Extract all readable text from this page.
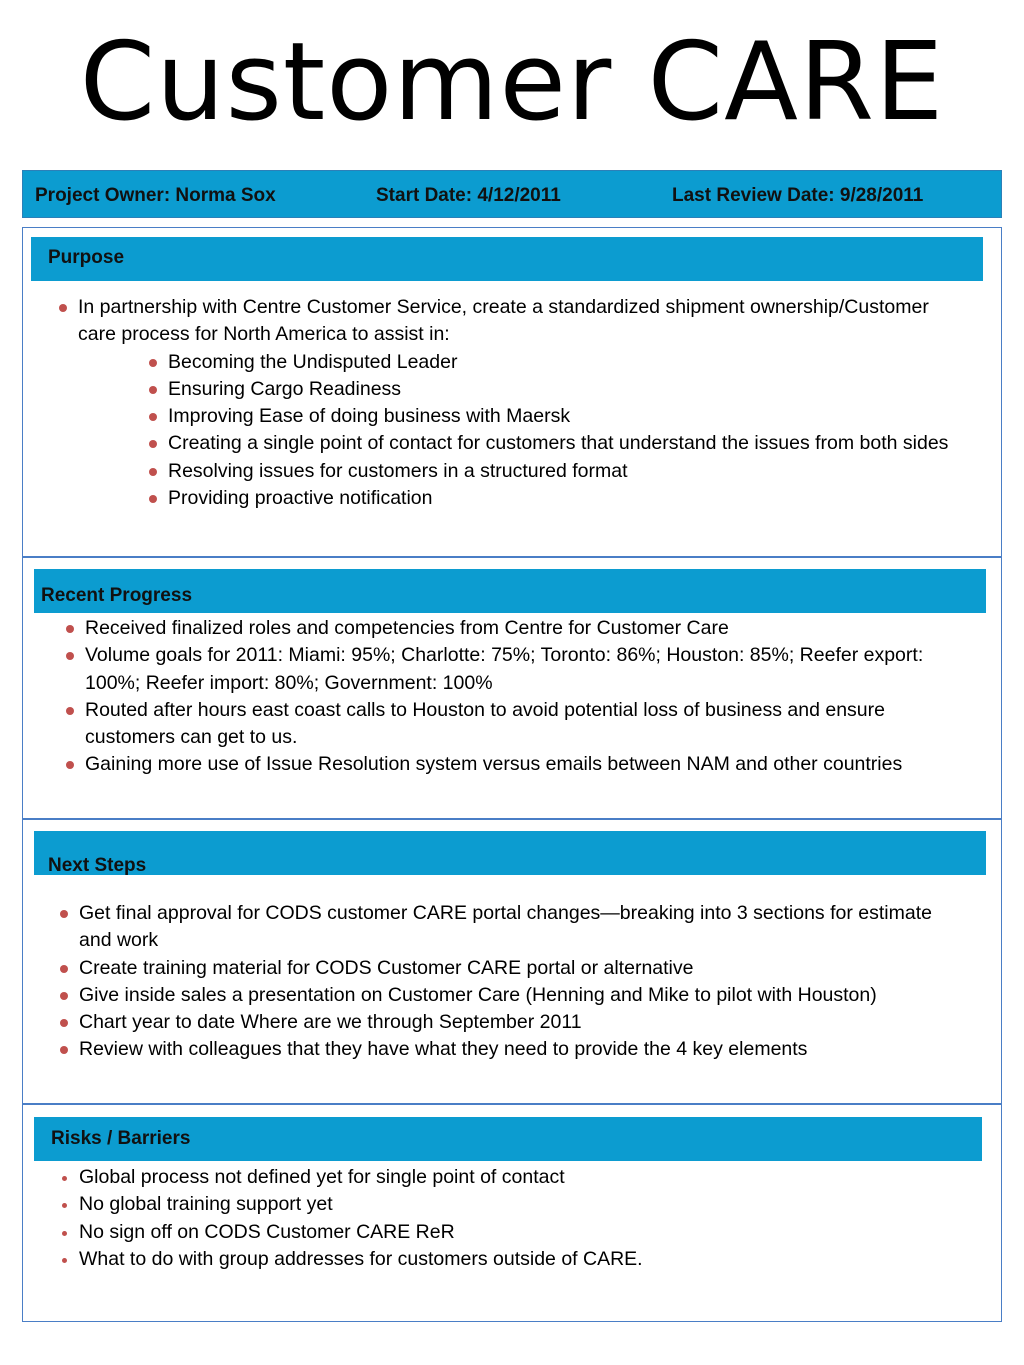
Customer CARE
Project Owner: Norma Sox	Start Date: 4/12/2011	Last Review Date: 9/28/2011
Purpose
In partnership with Centre Customer Service, create a standardized shipment ownership/Customer care process for North America to assist in:
Becoming the Undisputed Leader
Ensuring Cargo Readiness
Improving Ease of doing business with Maersk
Creating a single point of contact for customers that understand the issues from both sides
Resolving issues for customers in a structured format
Providing proactive notification
Recent Progress
Received finalized roles and competencies from Centre for Customer Care
Volume goals for 2011: Miami: 95%; Charlotte: 75%; Toronto: 86%; Houston: 85%; Reefer export: 100%; Reefer import: 80%; Government: 100%
Routed after hours east coast calls to Houston to avoid potential loss of business and ensure customers can get to us.
Gaining more use of Issue Resolution system versus emails between NAM and other countries
Next Steps
Get final approval for CODS customer CARE portal changes—breaking into 3 sections for estimate and work
Create training material for CODS Customer CARE portal or alternative
Give inside sales a presentation on Customer Care (Henning and Mike to pilot with Houston)
Chart year to date Where are we through September 2011
Review with colleagues that they have what they need to provide the 4 key elements
Risks / Barriers
Global process not defined yet for single point of contact
No global training support yet
No sign off on CODS Customer CARE ReR
What to do with group addresses for customers outside of CARE.
